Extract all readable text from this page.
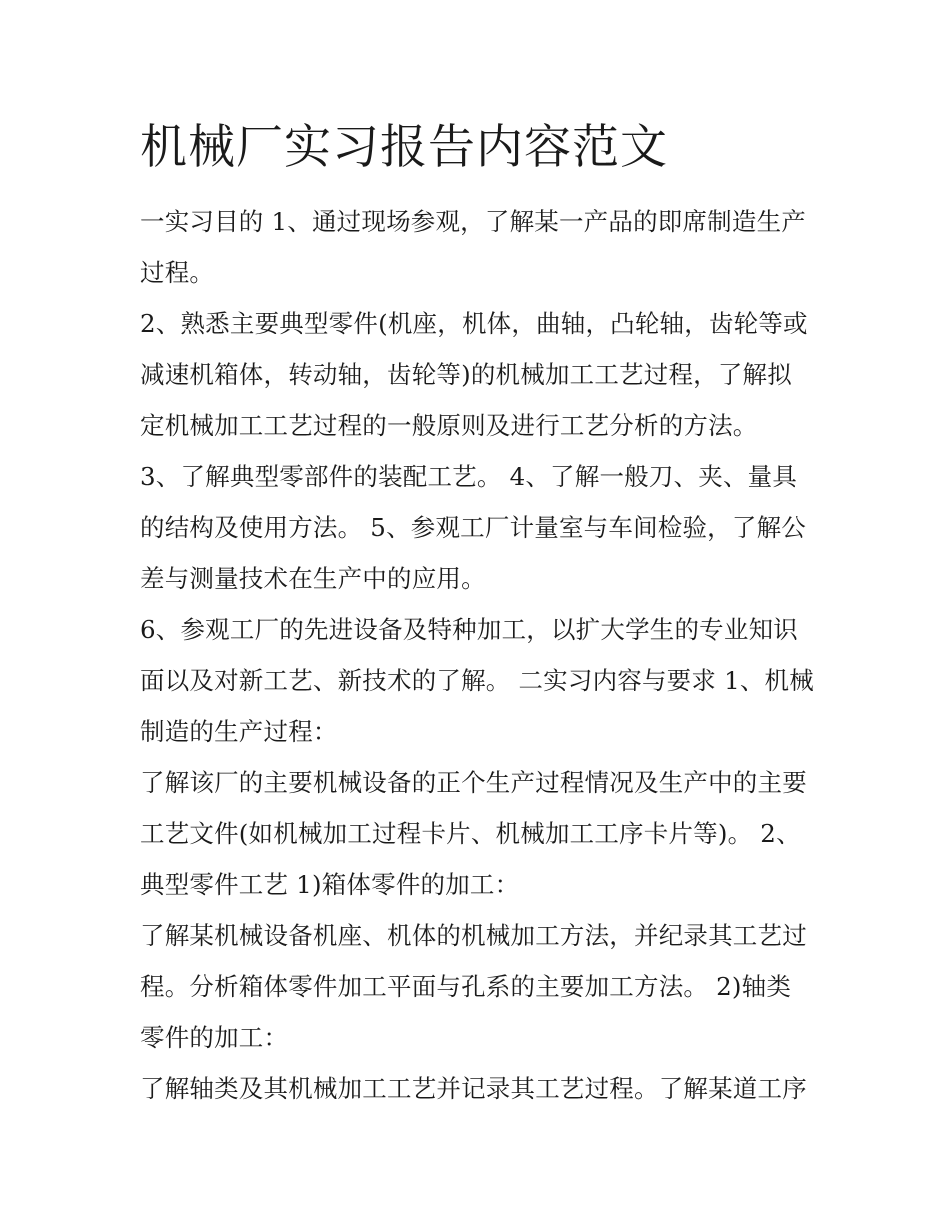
机械厂实习报告内容范文
一实习目的 1、通过现场参观，了解某一产品的即席制造生产
过程。
2、熟悉主要典型零件(机座，机体，曲轴，凸轮轴，齿轮等或
减速机箱体，转动轴，齿轮等)的机械加工工艺过程，了解拟
定机械加工工艺过程的一般原则及进行工艺分析的方法。
3、了解典型零部件的装配工艺。 4、了解一般刀、夹、量具
的结构及使用方法。 5、参观工厂计量室与车间检验，了解公
差与测量技术在生产中的应用。
6、参观工厂的先进设备及特种加工，以扩大学生的专业知识
面以及对新工艺、新技术的了解。 二实习内容与要求 1、机械
制造的生产过程：
了解该厂的主要机械设备的正个生产过程情况及生产中的主要
工艺文件(如机械加工过程卡片、机械加工工序卡片等)。 2、
典型零件工艺 1)箱体零件的加工：
了解某机械设备机座、机体的机械加工方法，并纪录其工艺过
程。分析箱体零件加工平面与孔系的主要加工方法。 2)轴类
零件的加工：
了解轴类及其机械加工工艺并记录其工艺过程。了解某道工序
